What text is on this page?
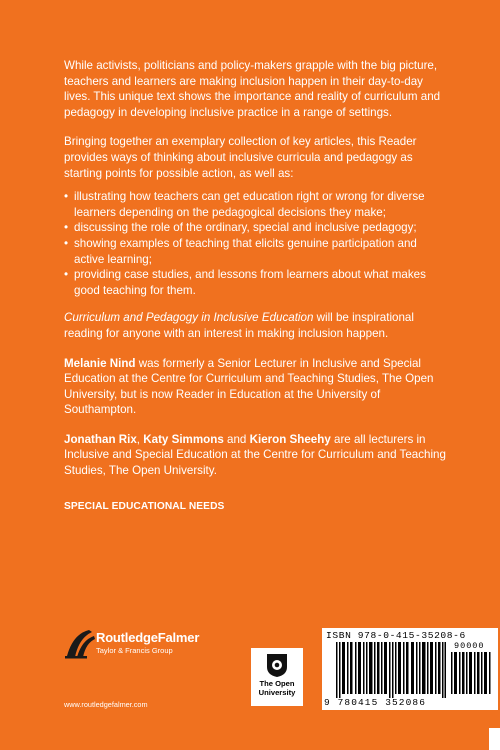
While activists, politicians and policy-makers grapple with the big picture, teachers and learners are making inclusion happen in their day-to-day lives. This unique text shows the importance and reality of curriculum and pedagogy in developing inclusive practice in a range of settings.

Bringing together an exemplary collection of key articles, this Reader provides ways of thinking about inclusive curricula and pedagogy as starting points for possible action, as well as:

• illustrating how teachers can get education right or wrong for diverse learners depending on the pedagogical decisions they make;
• discussing the role of the ordinary, special and inclusive pedagogy;
• showing examples of teaching that elicits genuine participation and active learning;
• providing case studies, and lessons from learners about what makes good teaching for them.

Curriculum and Pedagogy in Inclusive Education will be inspirational reading for anyone with an interest in making inclusion happen.

Melanie Nind was formerly a Senior Lecturer in Inclusive and Special Education at the Centre for Curriculum and Teaching Studies, The Open University, but is now Reader in Education at the University of Southampton.

Jonathan Rix, Katy Simmons and Kieron Sheehy are all lecturers in Inclusive and Special Education at the Centre for Curriculum and Teaching Studies, The Open University.

SPECIAL EDUCATIONAL NEEDS
RoutledgeFalmer
Taylor & Francis Group
www.routledgefalmer.com
The Open
University
ISBN 978-0-415-35208-6
90000
9 780415 352086
